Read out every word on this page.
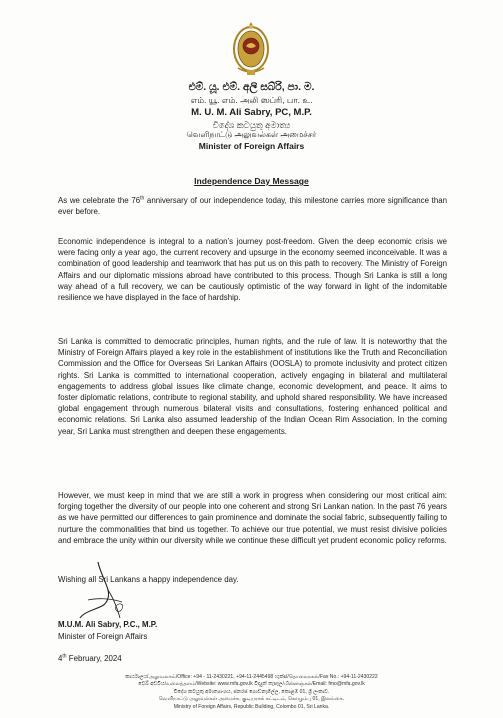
එම්. යූ. එම්. අලි සබ්රි, පා. ම.
எம். யூ. எம். அலி ஸப்ரி, பா. உ.
M. U. M. Ali Sabry, PC, M.P.
විදේශ කටයුතු අමාත්‍ය
வெளிநாட்டு அலுவல்கள் அமைச்சர்
Minister of Foreign Affairs
Independence Day Message

As we celebrate the 76th anniversary of our independence today, this milestone carries more significance than ever before.

Economic independence is integral to a nation’s journey post-freedom. Given the deep economic crisis we were facing only a year ago, the current recovery and upsurge in the economy seemed inconceivable. It was a combination of good leadership and teamwork that has put us on this path to recovery. The Ministry of Foreign Affairs and our diplomatic missions abroad have contributed to this process. Though Sri Lanka is still a long way ahead of a full recovery, we can be cautiously optimistic of the way forward in light of the indomitable resilience we have displayed in the face of hardship.

Sri Lanka is committed to democratic principles, human rights, and the rule of law. It is noteworthy that the Ministry of Foreign Affairs played a key role in the establishment of institutions like the Truth and Reconciliation Commission and the Office for Overseas Sri Lankan Affairs (OOSLA) to promote inclusivity and protect citizen rights. Sri Lanka is committed to international cooperation, actively engaging in bilateral and multilateral engagements to address global issues like climate change, economic development, and peace. It aims to foster diplomatic relations, contribute to regional stability, and uphold shared responsibility. We have increased global engagement through numerous bilateral visits and consultations, fostering enhanced political and economic relations. Sri Lanka also assumed leadership of the Indian Ocean Rim Association. In the coming year, Sri Lanka must strengthen and deepen these engagements.

However, we must keep in mind that we are still a work in progress when considering our most critical aim: forging together the diversity of our people into one coherent and strong Sri Lankan nation. In the past 76 years as we have permitted our differences to gain prominence and dominate the social fabric, subsequently failing to nurture the commonalities that bind us together. To achieve our true potential, we must resist divisive policies and embrace the unity within our diversity while we continue these difficult yet prudent economic policy reforms.

Wishing all Sri Lankans a happy independence day.

M.U.M. Ali Sabry, P.C., M.P.
Minister of Foreign Affairs
4th February, 2024
කාර්යාලය/அலுவலகம்/Office: +94 - 11-2430221, +94-11-2445498 ෆැක්ස්/தொலைநகல்/Fax No.: +94-11-2430222
වෙබ් අඩවිය/வலைத்தளம்/Website: www.mfa.gov.lk විද්‍යුත් තැපෑල/மின்னஞ்சல்/Email: fmo@mfa.gov.lk
විදේශ කටයුතු අමාත්‍යාංශය, ජනරජ ගොඩනැගිල්ල, කොළඹ 01, ශ්‍රී ලංකාව.
வெளிநாட்டு அலுவல்கள் அமைச்சு, குடியரசுக் கட்டிடம், கொழும்பு 01, இலங்கை.
Ministry of Foreign Affairs, Republic Building, Colombo 01, Sri Lanka.
